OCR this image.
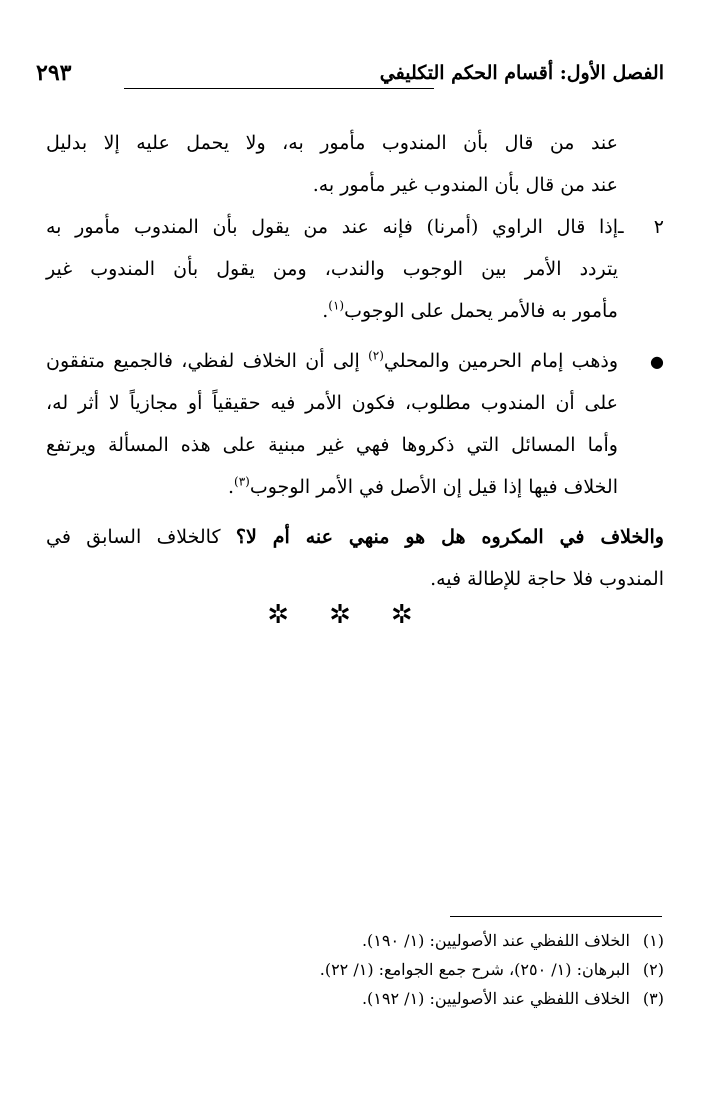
٢٩٣	الفصل الأول: أقسام الحكم التكليفي
عند من قال بأن المندوب مأمور به، ولا يحمل عليه إلا بدليل
عند من قال بأن المندوب غير مأمور به.
٢ ـإذا قال الراوي (أمرنا) فإنه عند من يقول بأن المندوب مأمور به
يتردد الأمر بين الوجوب والندب، ومن يقول بأن المندوب غير
مأمور به فالأمر يحمل على الوجوب$^{(١)}$.
●وذهب إمام الحرمين والمحلي$^{(٢)}$ إلى أن الخلاف لفظي، فالجميع متفقون
على أن المندوب مطلوب، فكون الأمر فيه حقيقياً أو مجازياً لا أثر له،
وأما المسائل التي ذكروها فهي غير مبنية على هذه المسألة ويرتفع
الخلاف فيها إذا قيل إن الأصل في الأمر الوجوب$^{(٣)}$.
والخلاف في المكروه هل هو منهي عنه أم لا؟ كالخلاف السابق في
المندوب فلا حاجة للإطالة فيه.
✲ ✲ ✲
(١)الخلاف اللفظي عند الأصوليين: (١/ ١٩٠).
(٢)البرهان: (١/ ٢٥٠)، شرح جمع الجوامع: (١/ ٢٢).
(٣)الخلاف اللفظي عند الأصوليين: (١/ ١٩٢).
